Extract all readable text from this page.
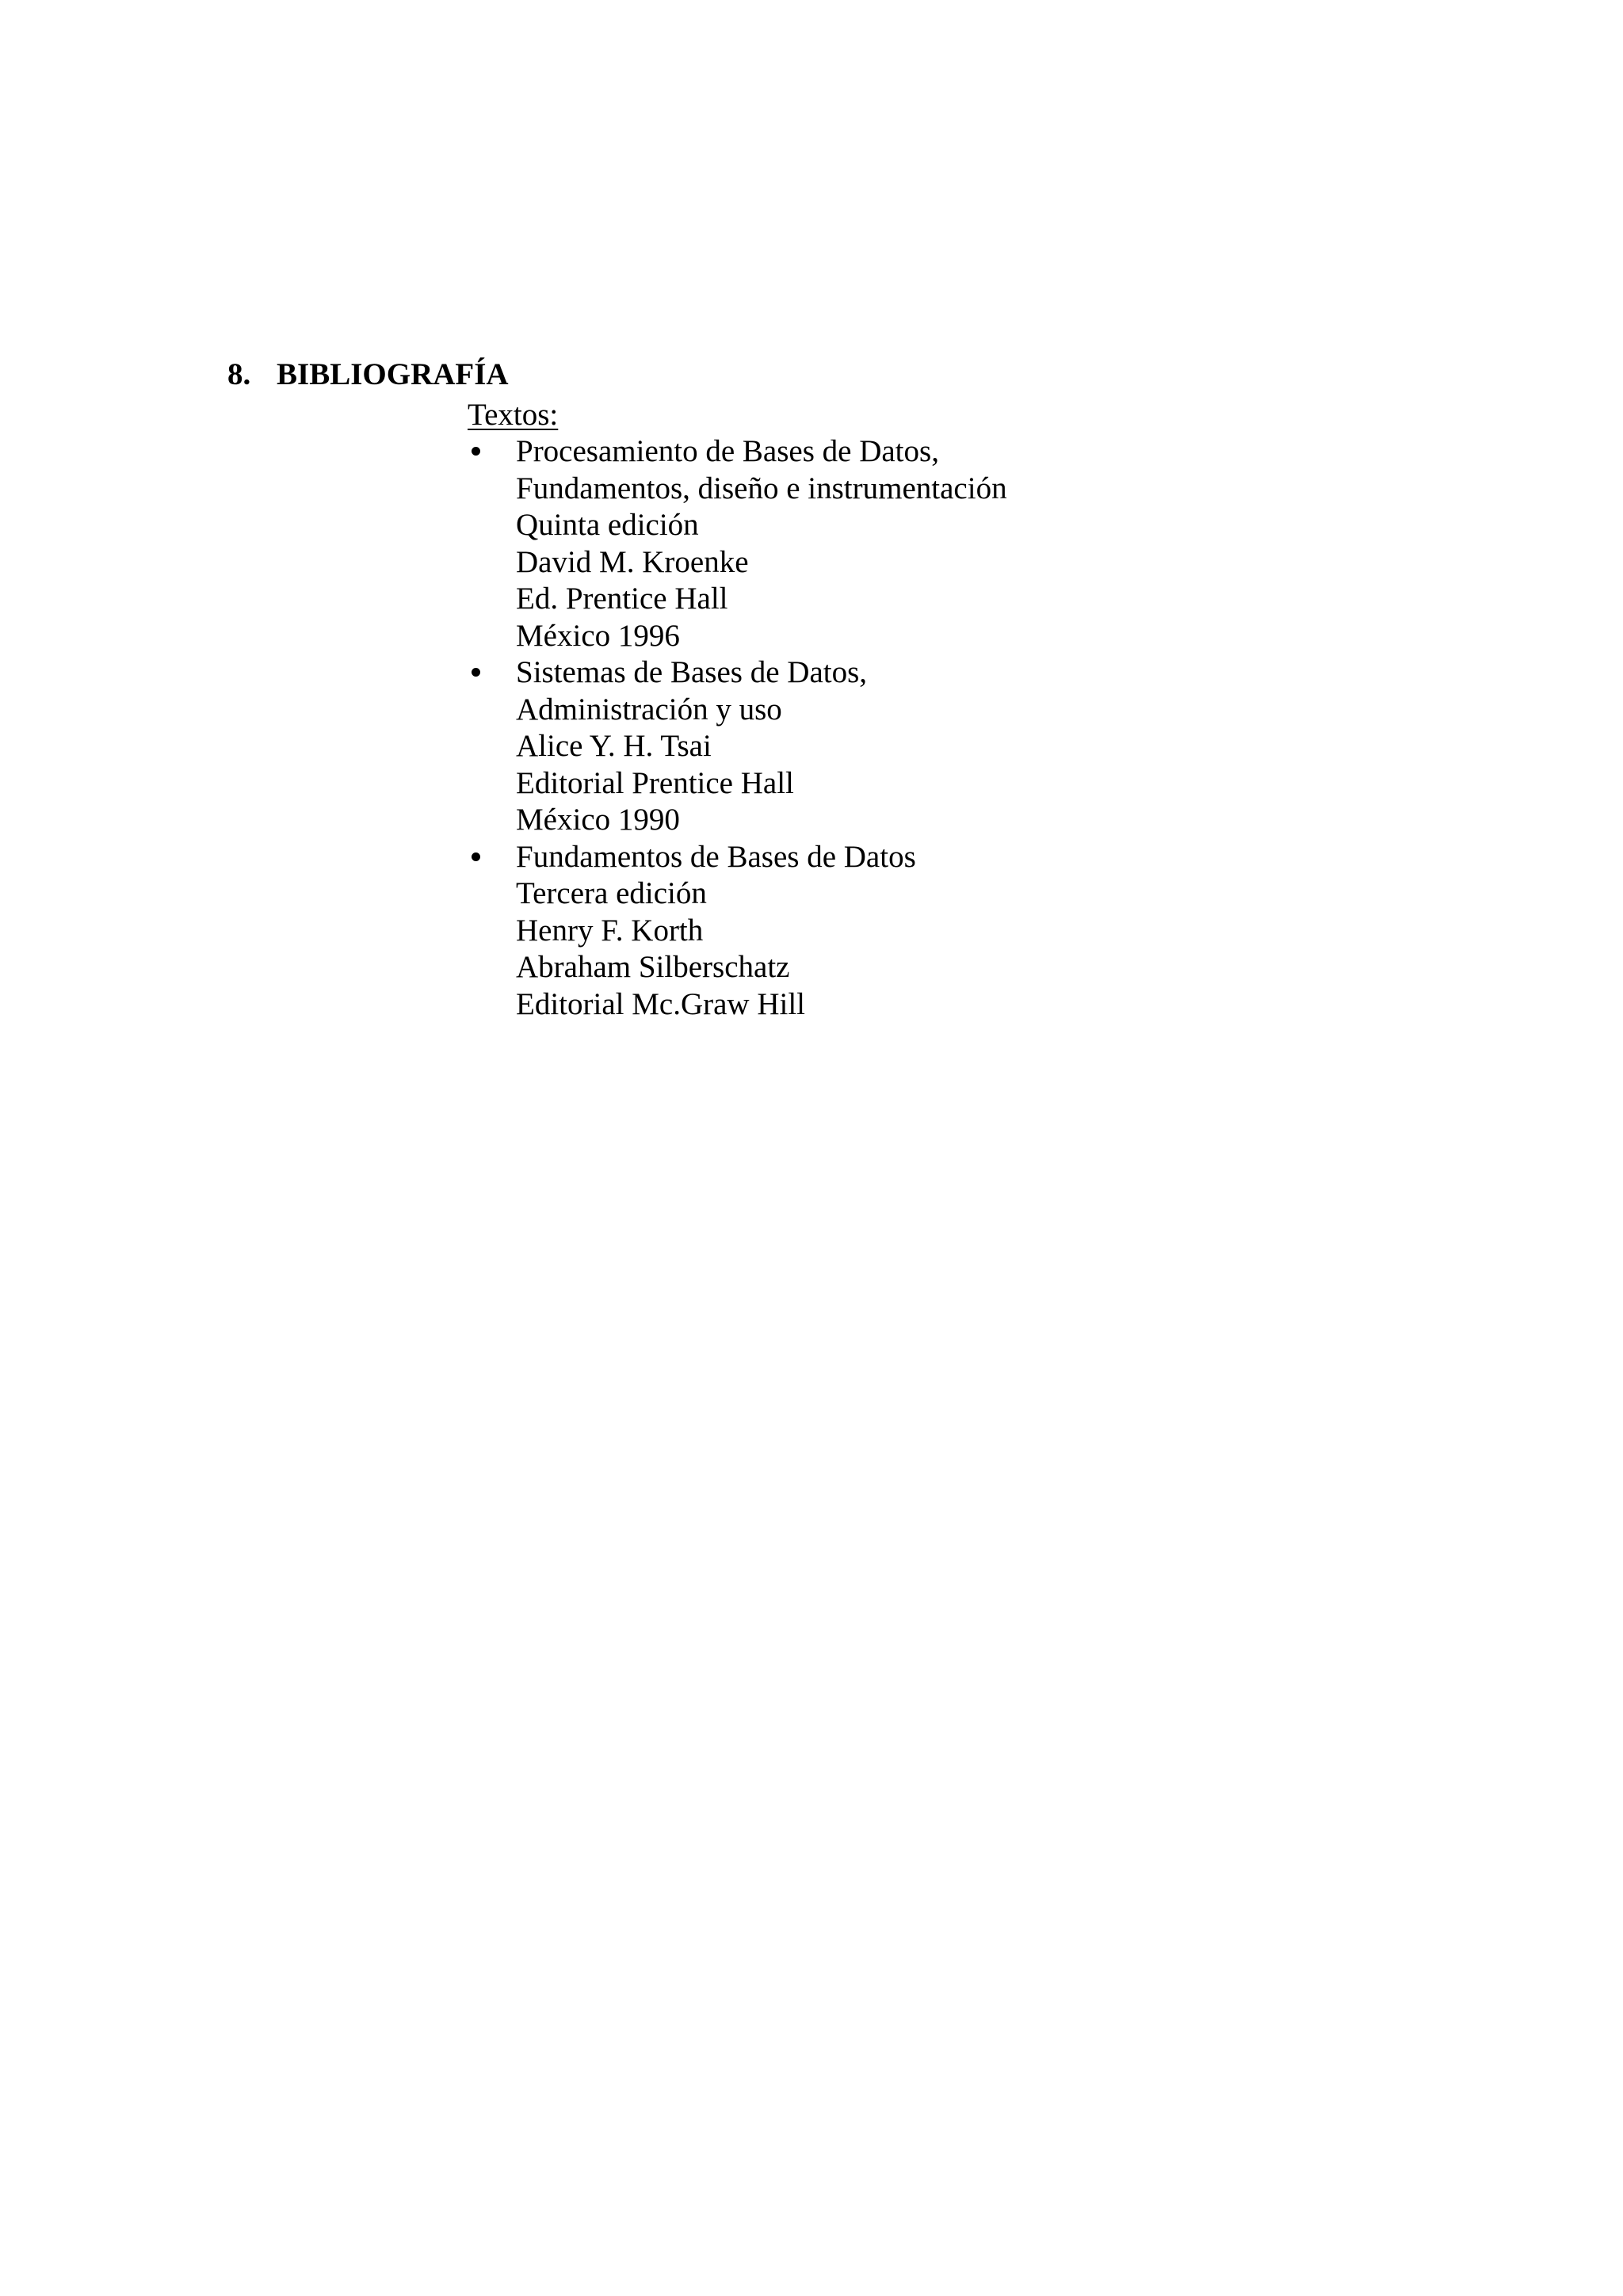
8. BIBLIOGRAFÍA
Textos:
Procesamiento de Bases de Datos,
Fundamentos, diseño e instrumentación
Quinta edición
David M. Kroenke
Ed. Prentice Hall
México 1996
Sistemas de Bases de Datos,
Administración y uso
Alice Y. H. Tsai
Editorial Prentice Hall
México 1990
Fundamentos de Bases de Datos
Tercera edición
Henry F. Korth
Abraham Silberschatz
Editorial Mc.Graw Hill
